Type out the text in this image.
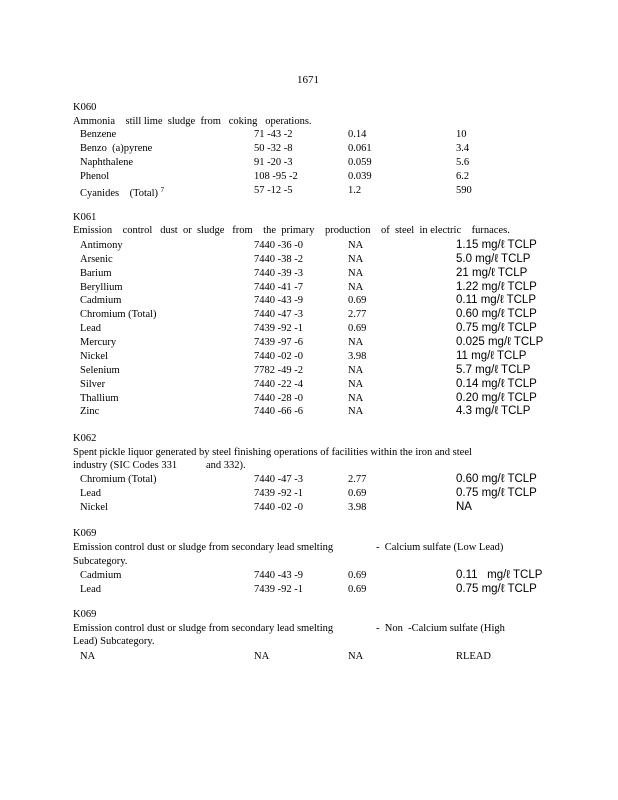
1671
K060
Ammonia    still lime  sludge  from   coking   operations.
Benzene	71 -43 -2	0.14	10
Benzo  (a)pyrene	50 -32 -8	0.061	3.4
Naphthalene	91 -20 -3	0.059	5.6
Phenol	108 -95 -2	0.039	6.2
Cyanides    (Total) $^7$	57 -12 -5	1.2	590
K061
Emission    control   dust  or  sludge   from    the  primary    production    of  steel  in electric    furnaces.
Antimony	7440 -36 -0	NA	1.15 mg/ℓ TCLP
Arsenic	7440 -38 -2	NA	5.0 mg/ℓ TCLP
Barium	7440 -39 -3	NA	21 mg/ℓ TCLP
Beryllium	7440 -41 -7	NA	1.22 mg/ℓ TCLP
Cadmium	7440 -43 -9	0.69	0.11 mg/ℓ TCLP
Chromium (Total)	7440 -47 -3	2.77	0.60 mg/ℓ TCLP
Lead	7439 -92 -1	0.69	0.75 mg/ℓ TCLP
Mercury	7439 -97 -6	NA	0.025 mg/ℓ TCLP
Nickel	7440 -02 -0	3.98	11 mg/ℓ TCLP
Selenium	7782 -49 -2	NA	5.7 mg/ℓ TCLP
Silver	7440 -22 -4	NA	0.14 mg/ℓ TCLP
Thallium	7440 -28 -0	NA	0.20 mg/ℓ TCLP
Zinc	7440 -66 -6	NA	4.3 mg/ℓ TCLP
K062
Spent pickle liquor generated by steel finishing operations of facilities within the iron and steel
industry (SIC Codes 331           and 332).
Chromium (Total)	7440 -47 -3	2.77	0.60 mg/ℓ TCLP
Lead	7439 -92 -1	0.69	0.75 mg/ℓ TCLP
Nickel	7440 -02 -0	3.98	NA
K069
Emission control dust or sludge from secondary lead smelting	-  Calcium sulfate (Low Lead)
Subcategory.
Cadmium	7440 -43 -9	0.69	0.11   mg/ℓ TCLP
Lead	7439 -92 -1	0.69	0.75 mg/ℓ TCLP
K069
Emission control dust or sludge from secondary lead smelting	-  Non  -Calcium sulfate (High
Lead) Subcategory.
NA	NA	NA	RLEAD
